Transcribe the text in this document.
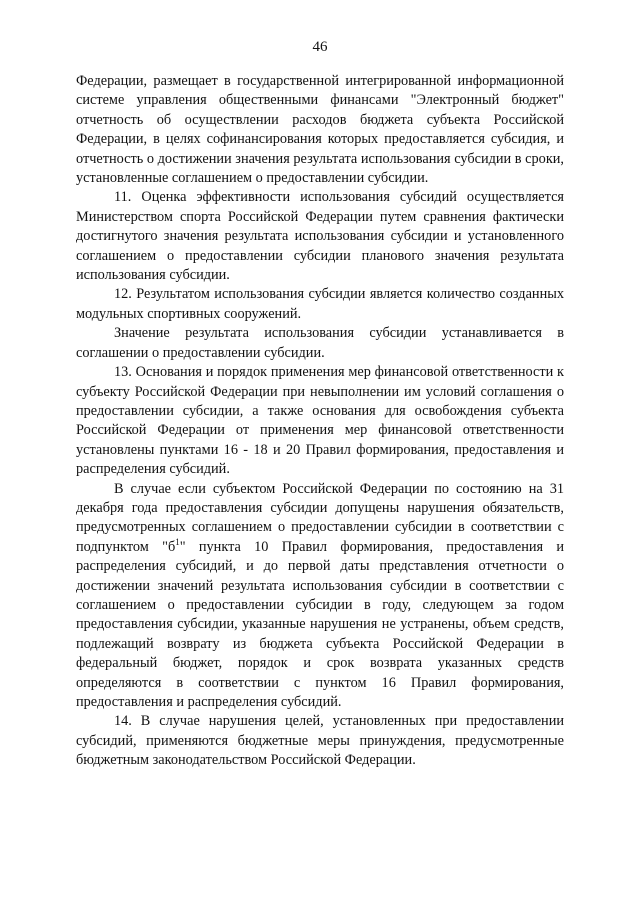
46

Федерации, размещает в государственной интегрированной информационной системе управления общественными финансами "Электронный бюджет" отчетность об осуществлении расходов бюджета субъекта Российской Федерации, в целях софинансирования которых предоставляется субсидия, и отчетность о достижении значения результата использования субсидии в сроки, установленные соглашением о предоставлении субсидии.

11. Оценка эффективности использования субсидий осуществляется Министерством спорта Российской Федерации путем сравнения фактически достигнутого значения результата использования субсидии и установленного соглашением о предоставлении субсидии планового значения результата использования субсидии.

12. Результатом использования субсидии является количество созданных модульных спортивных сооружений.

Значение результата использования субсидии устанавливается в соглашении о предоставлении субсидии.

13. Основания и порядок применения мер финансовой ответственности к субъекту Российской Федерации при невыполнении им условий соглашения о предоставлении субсидии, а также основания для освобождения субъекта Российской Федерации от применения мер финансовой ответственности установлены пунктами 16 - 18 и 20 Правил формирования, предоставления и распределения субсидий.

В случае если субъектом Российской Федерации по состоянию на 31 декабря года предоставления субсидии допущены нарушения обязательств, предусмотренных соглашением о предоставлении субсидии в соответствии с подпунктом "$б^1$" пункта 10 Правил формирования, предоставления и распределения субсидий, и до первой даты представления отчетности о достижении значений результата использования субсидии в соответствии с соглашением о предоставлении субсидии в году, следующем за годом предоставления субсидии, указанные нарушения не устранены, объем средств, подлежащий возврату из бюджета субъекта Российской Федерации в федеральный бюджет, порядок и срок возврата указанных средств определяются в соответствии с пунктом 16 Правил формирования, предоставления и распределения субсидий.

14. В случае нарушения целей, установленных при предоставлении субсидий, применяются бюджетные меры принуждения, предусмотренные бюджетным законодательством Российской Федерации.
